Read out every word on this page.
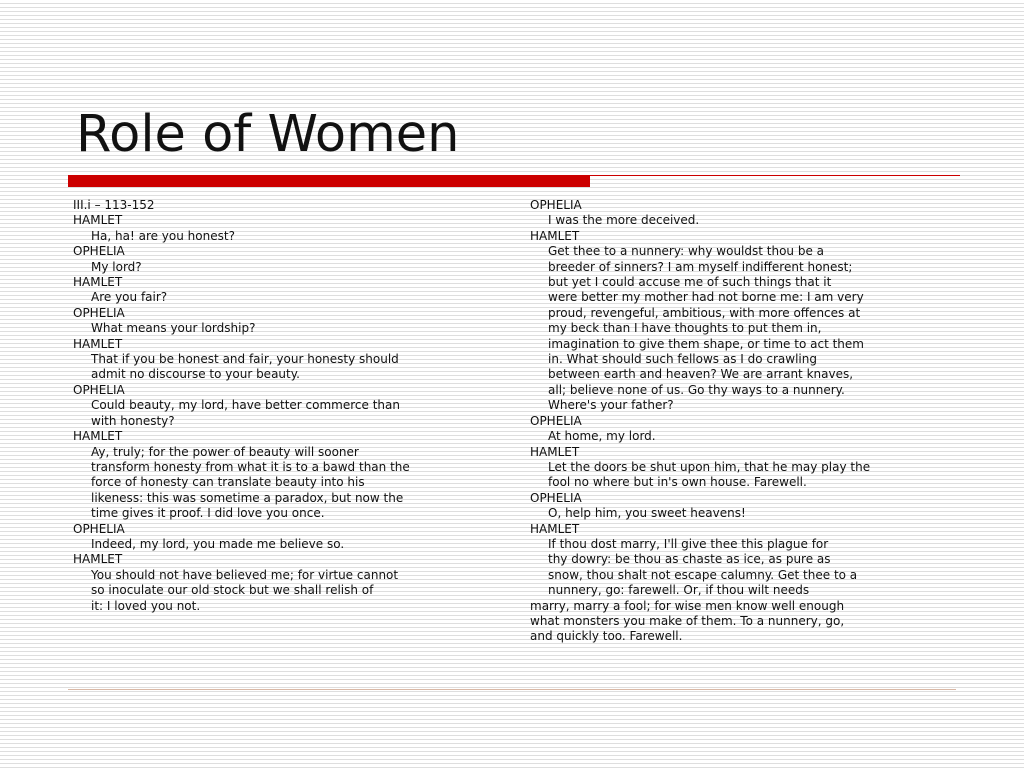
Role of Women
III.i – 113-152
HAMLET
Ha, ha! are you honest?
OPHELIA
My lord?
HAMLET
Are you fair?
OPHELIA
What means your lordship?
HAMLET
That if you be honest and fair, your honesty should
admit no discourse to your beauty.
OPHELIA
Could beauty, my lord, have better commerce than
with honesty?
HAMLET
Ay, truly; for the power of beauty will sooner
transform honesty from what it is to a bawd than the
force of honesty can translate beauty into his
likeness: this was sometime a paradox, but now the
time gives it proof. I did love you once.
OPHELIA
Indeed, my lord, you made me believe so.
HAMLET
You should not have believed me; for virtue cannot
so inoculate our old stock but we shall relish of
it: I loved you not.
OPHELIA
I was the more deceived.
HAMLET
Get thee to a nunnery: why wouldst thou be a
breeder of sinners? I am myself indifferent honest;
but yet I could accuse me of such things that it
were better my mother had not borne me: I am very
proud, revengeful, ambitious, with more offences at
my beck than I have thoughts to put them in,
imagination to give them shape, or time to act them
in. What should such fellows as I do crawling
between earth and heaven? We are arrant knaves,
all; believe none of us. Go thy ways to a nunnery.
Where's your father?
OPHELIA
At home, my lord.
HAMLET
Let the doors be shut upon him, that he may play the
fool no where but in's own house. Farewell.
OPHELIA
O, help him, you sweet heavens!
HAMLET
If thou dost marry, I'll give thee this plague for
thy dowry: be thou as chaste as ice, as pure as
snow, thou shalt not escape calumny. Get thee to a
nunnery, go: farewell. Or, if thou wilt needs
marry, marry a fool; for wise men know well enough
what monsters you make of them. To a nunnery, go,
and quickly too. Farewell.
